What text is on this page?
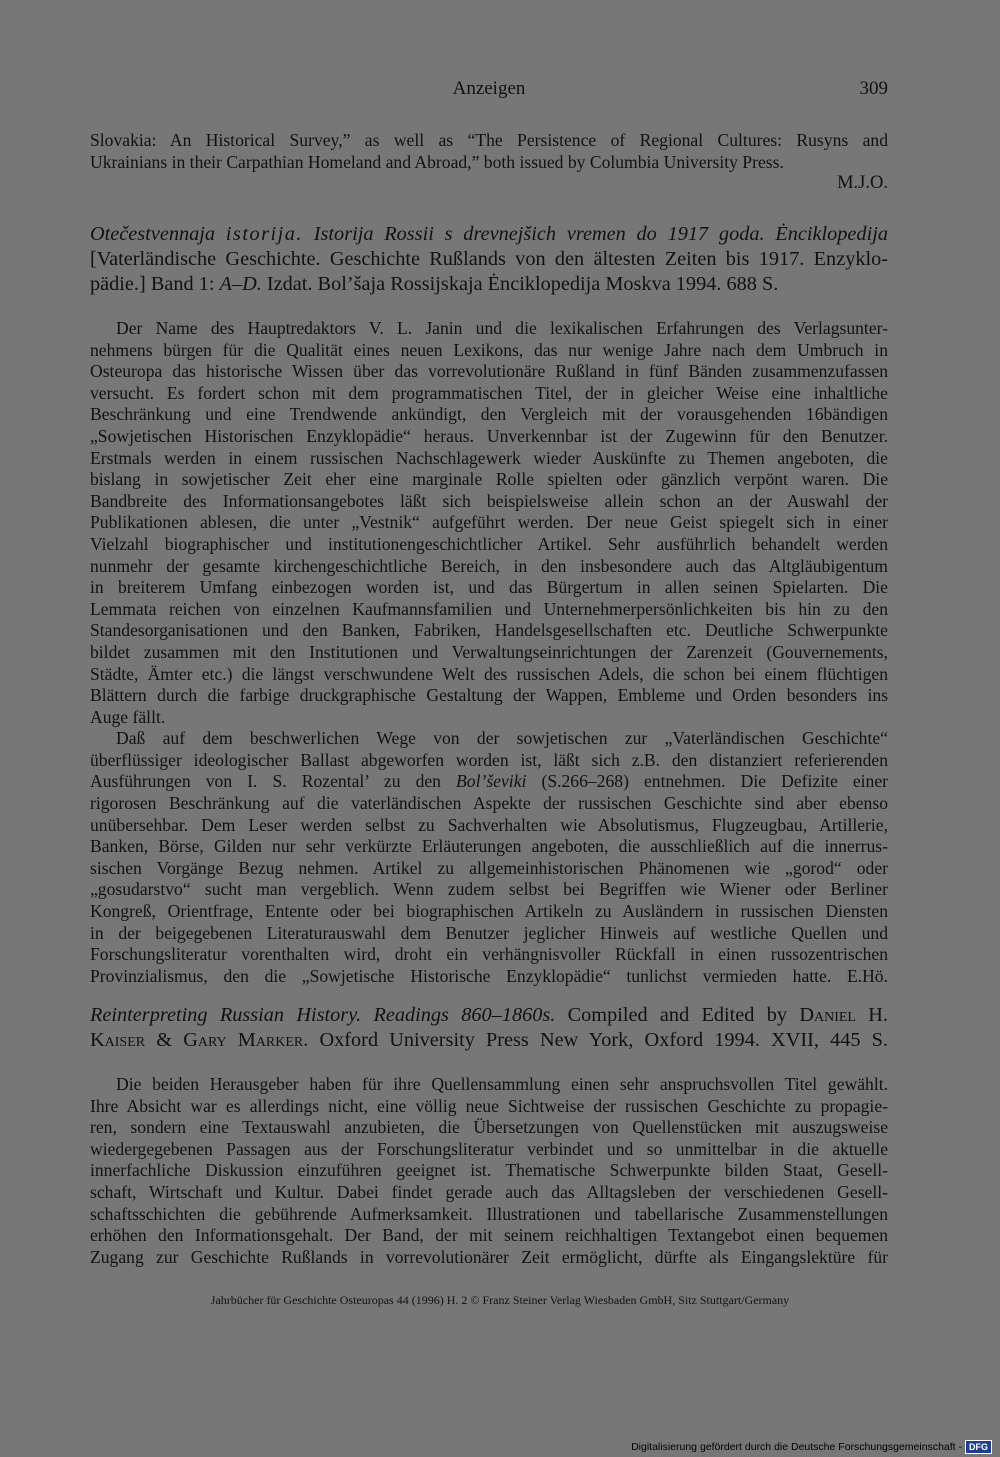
Anzeigen	309
Slovakia: An Historical Survey,” as well as “The Persistence of Regional Cultures: Rusyns and
Ukrainians in their Carpathian Homeland and Abroad,” both issued by Columbia University Press.
M.J.O.
Otečestvennaja istorija. Istorija Rossii s drevnejšich vremen do 1917 goda. Ėnciklopedija
[Vaterländische Geschichte. Geschichte Rußlands von den ältesten Zeiten bis 1917. Enzyklo-
pädie.] Band 1: A–D. Izdat. Bol’šaja Rossijskaja Ėnciklopedija Moskva 1994. 688 S.
Der Name des Hauptredaktors V. L. Janin und die lexikalischen Erfahrungen des Verlagsunter-
nehmens bürgen für die Qualität eines neuen Lexikons, das nur wenige Jahre nach dem Umbruch in
Osteuropa das historische Wissen über das vorrevolutionäre Rußland in fünf Bänden zusammenzufassen
versucht. Es fordert schon mit dem programmatischen Titel, der in gleicher Weise eine inhaltliche
Beschränkung und eine Trendwende ankündigt, den Vergleich mit der vorausgehenden 16bändigen
„Sowjetischen Historischen Enzyklopädie“ heraus. Unverkennbar ist der Zugewinn für den Benutzer.
Erstmals werden in einem russischen Nachschlagewerk wieder Auskünfte zu Themen angeboten, die
bislang in sowjetischer Zeit eher eine marginale Rolle spielten oder gänzlich verpönt waren. Die
Bandbreite des Informationsangebotes läßt sich beispielsweise allein schon an der Auswahl der
Publikationen ablesen, die unter „Vestnik“ aufgeführt werden. Der neue Geist spiegelt sich in einer
Vielzahl biographischer und institutionengeschichtlicher Artikel. Sehr ausführlich behandelt werden
nunmehr der gesamte kirchengeschichtliche Bereich, in den insbesondere auch das Altgläubigentum
in breiterem Umfang einbezogen worden ist, und das Bürgertum in allen seinen Spielarten. Die
Lemmata reichen von einzelnen Kaufmannsfamilien und Unternehmerpersönlichkeiten bis hin zu den
Standesorganisationen und den Banken, Fabriken, Handelsgesellschaften etc. Deutliche Schwerpunkte
bildet zusammen mit den Institutionen und Verwaltungseinrichtungen der Zarenzeit (Gouvernements,
Städte, Ämter etc.) die längst verschwundene Welt des russischen Adels, die schon bei einem flüchtigen
Blättern durch die farbige druckgraphische Gestaltung der Wappen, Embleme und Orden besonders ins
Auge fällt.
Daß auf dem beschwerlichen Wege von der sowjetischen zur „Vaterländischen Geschichte“
überflüssiger ideologischer Ballast abgeworfen worden ist, läßt sich z.B. den distanziert referierenden
Ausführungen von I. S. Rozental’ zu den Bol’ševiki (S.266–268) entnehmen. Die Defizite einer
rigorosen Beschränkung auf die vaterländischen Aspekte der russischen Geschichte sind aber ebenso
unübersehbar. Dem Leser werden selbst zu Sachverhalten wie Absolutismus, Flugzeugbau, Artillerie,
Banken, Börse, Gilden nur sehr verkürzte Erläuterungen angeboten, die ausschließlich auf die innerrus-
sischen Vorgänge Bezug nehmen. Artikel zu allgemeinhistorischen Phänomenen wie „gorod“ oder
„gosudarstvo“ sucht man vergeblich. Wenn zudem selbst bei Begriffen wie Wiener oder Berliner
Kongreß, Orientfrage, Entente oder bei biographischen Artikeln zu Ausländern in russischen Diensten
in der beigegebenen Literaturauswahl dem Benutzer jeglicher Hinweis auf westliche Quellen und
Forschungsliteratur vorenthalten wird, droht ein verhängnisvoller Rückfall in einen russozentrischen
Provinzialismus, den die „Sowjetische Historische Enzyklopädie“ tunlichst vermieden hatte. E.Hö.
Reinterpreting Russian History. Readings 860–1860s. Compiled and Edited by Daniel H.
Kaiser & Gary Marker. Oxford University Press New York, Oxford 1994. XVII, 445 S.
Die beiden Herausgeber haben für ihre Quellensammlung einen sehr anspruchsvollen Titel gewählt.
Ihre Absicht war es allerdings nicht, eine völlig neue Sichtweise der russischen Geschichte zu propagie-
ren, sondern eine Textauswahl anzubieten, die Übersetzungen von Quellenstücken mit auszugsweise
wiedergegebenen Passagen aus der Forschungsliteratur verbindet und so unmittelbar in die aktuelle
innerfachliche Diskussion einzuführen geeignet ist. Thematische Schwerpunkte bilden Staat, Gesell-
schaft, Wirtschaft und Kultur. Dabei findet gerade auch das Alltagsleben der verschiedenen Gesell-
schaftsschichten die gebührende Aufmerksamkeit. Illustrationen und tabellarische Zusammenstellungen
erhöhen den Informationsgehalt. Der Band, der mit seinem reichhaltigen Textangebot einen bequemen
Zugang zur Geschichte Rußlands in vorrevolutionärer Zeit ermöglicht, dürfte als Eingangslektüre für
Jahrbücher für Geschichte Osteuropas 44 (1996) H. 2 © Franz Steiner Verlag Wiesbaden GmbH, Sitz Stuttgart/Germany
Digitalisierung gefördert durch die Deutsche Forschungsgemeinschaft - DFG
